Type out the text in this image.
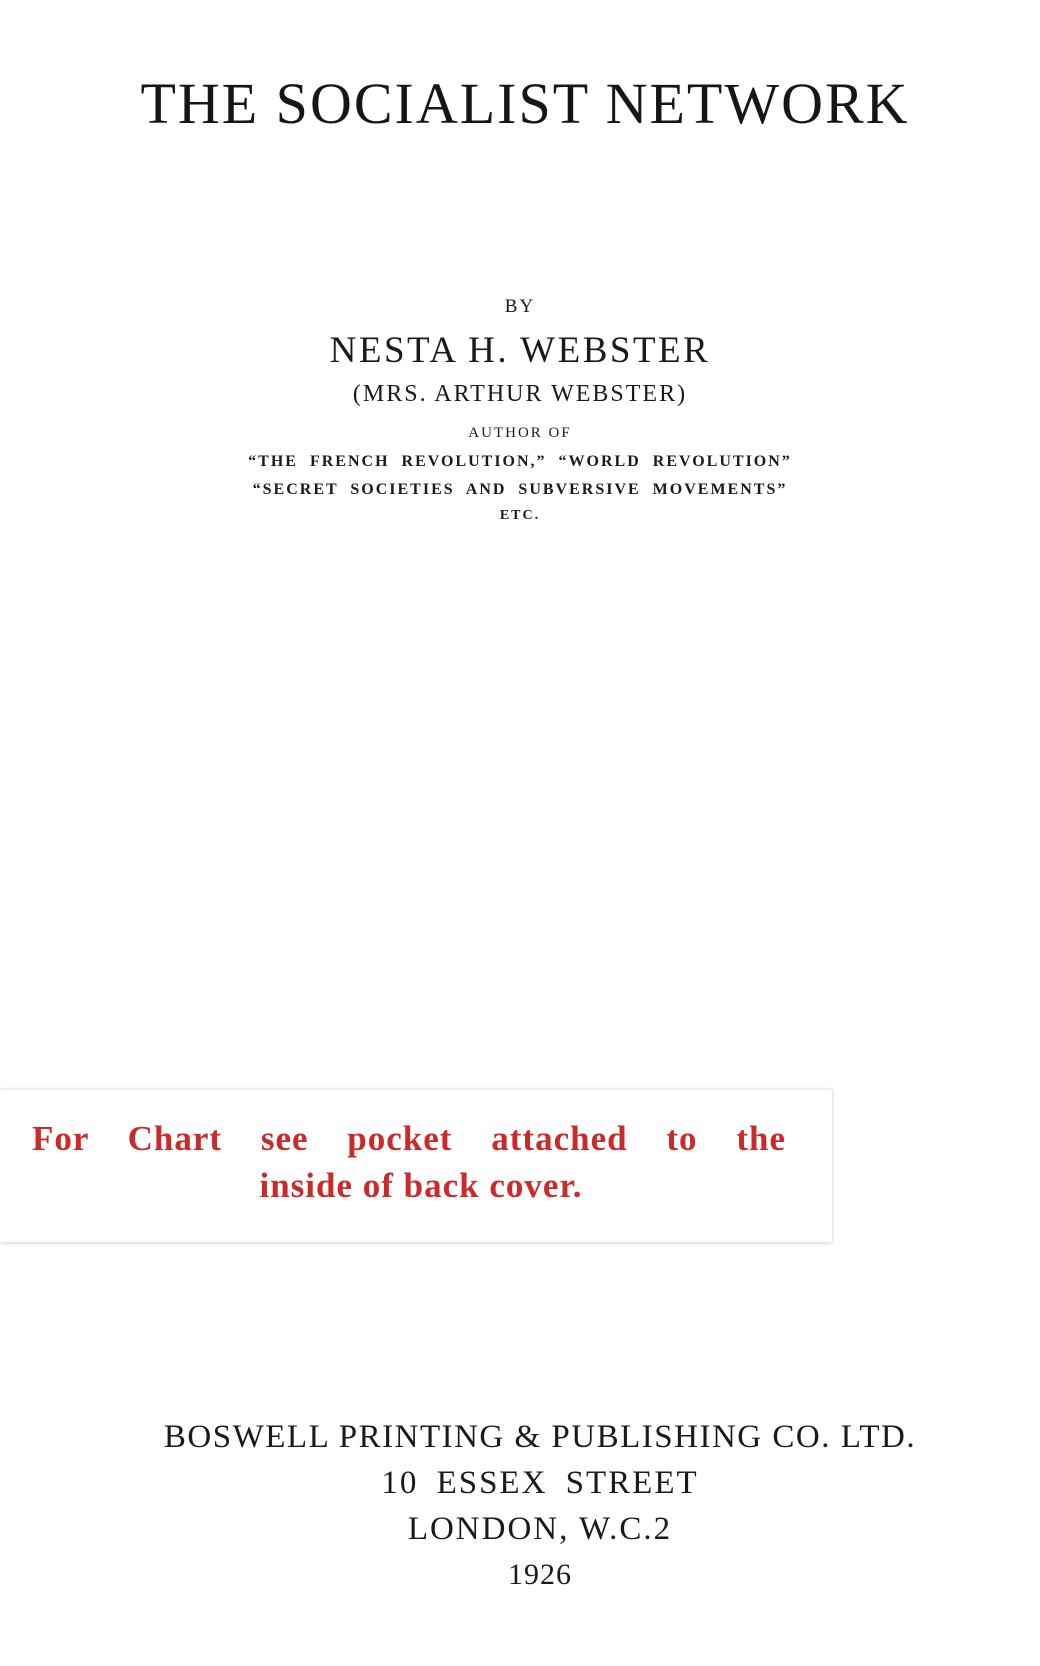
THE SOCIALIST NETWORK
BY
NESTA H. WEBSTER
(MRS. ARTHUR WEBSTER)
AUTHOR OF
“THE FRENCH REVOLUTION,” “WORLD REVOLUTION”
“SECRET SOCIETIES AND SUBVERSIVE MOVEMENTS”
ETC.
For Chart see pocket attached to the
inside of back cover.
BOSWELL PRINTING & PUBLISHING CO. LTD.
10 ESSEX STREET
LONDON, W.C.2
1926
